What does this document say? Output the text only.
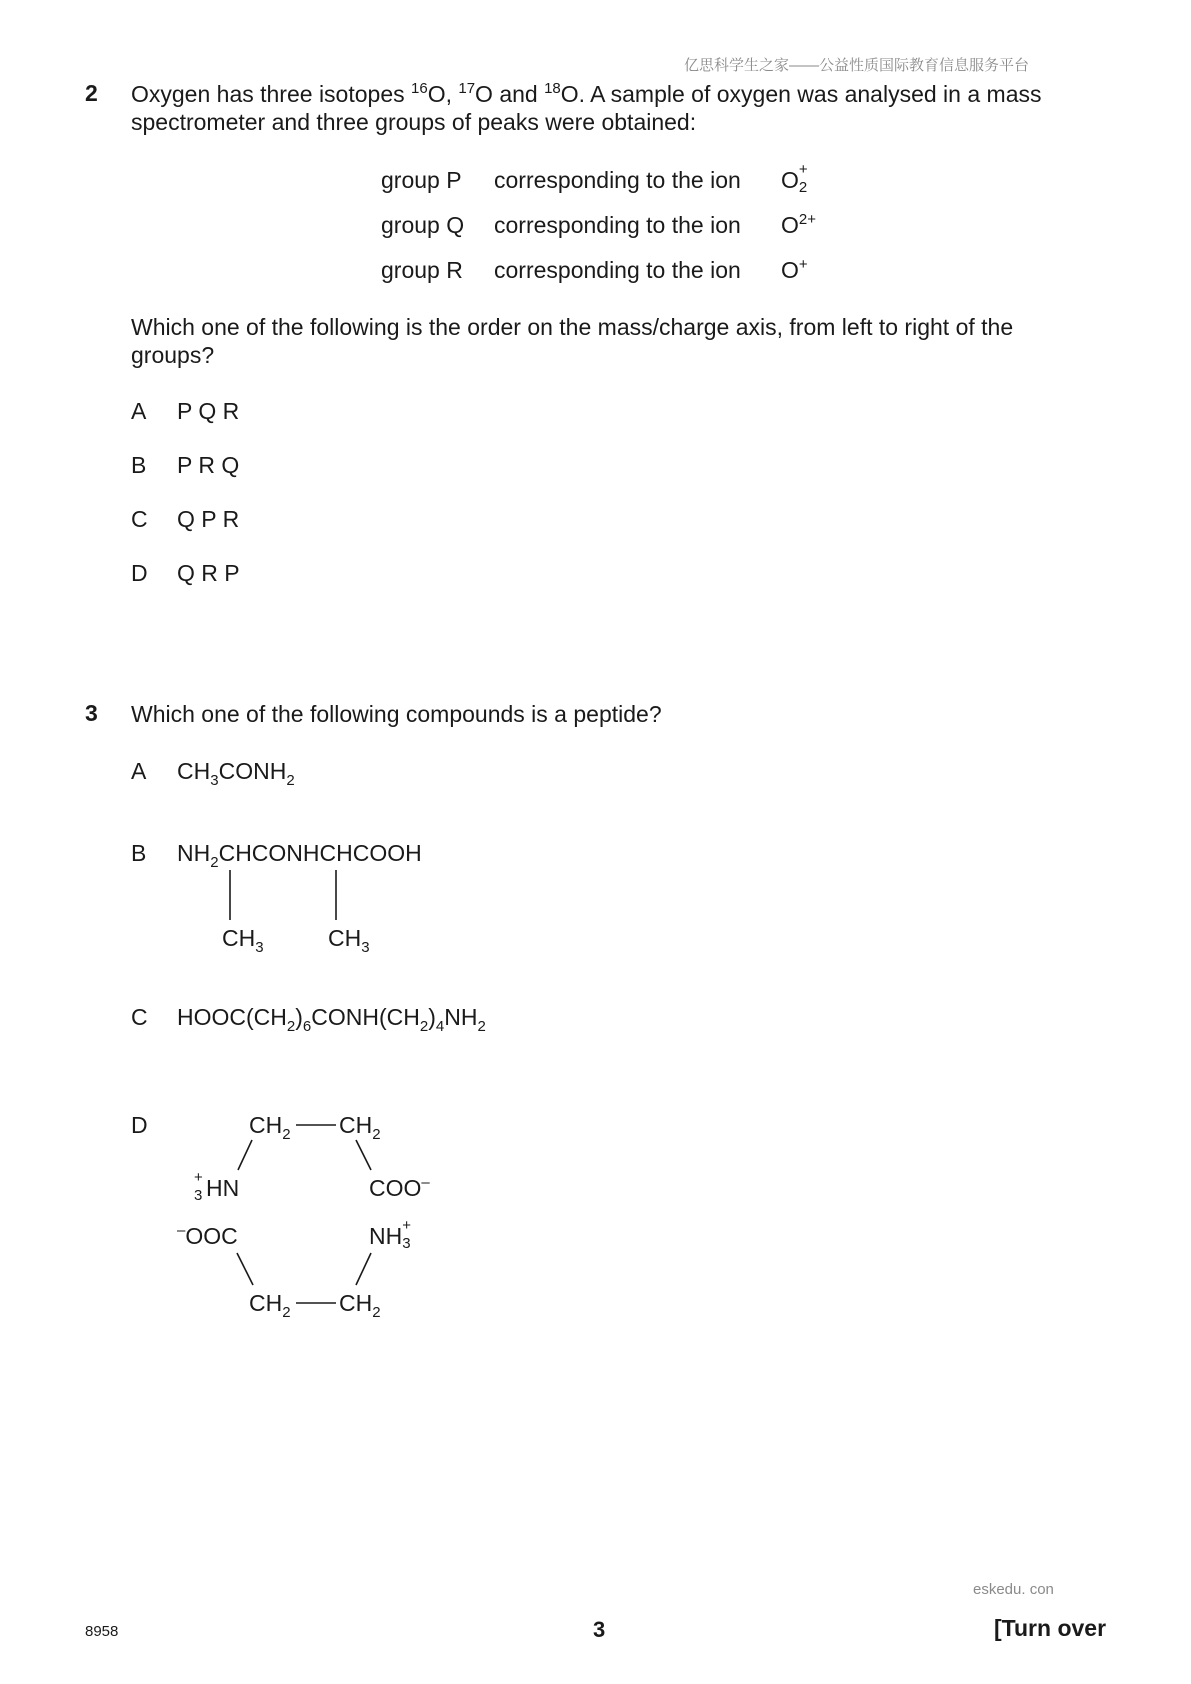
亿思科学生之家——公益性质国际教育信息服务平台
2 Oxygen has three isotopes $^{16}$O, $^{17}$O and $^{18}$O. A sample of oxygen was analysed in a mass
spectrometer and three groups of peaks were obtained:
group P corresponding to the ion O +
2
group Q corresponding to the ion $O^{2+}$
group R corresponding to the ion O+
Which one of the following is the order on the mass/charge axis, from left to right of the
groups?
A P Q R
B P R Q
C Q P R
D Q R P
3 Which one of the following compounds is a peptide?
A $CH_3CONH_2$
B $NH_2CHCONHCHCOOH$
$CH_3$	$CH_3$
C $HOOC(CH_2)_6CONH(CH_2)_4NH_2$
D	$CH_2$ $CH_2$
+
3 HN	COO–
–OOC	NH +
3
$CH_2$ $CH_2$
eskedu. con
8958	3	[Turn over
